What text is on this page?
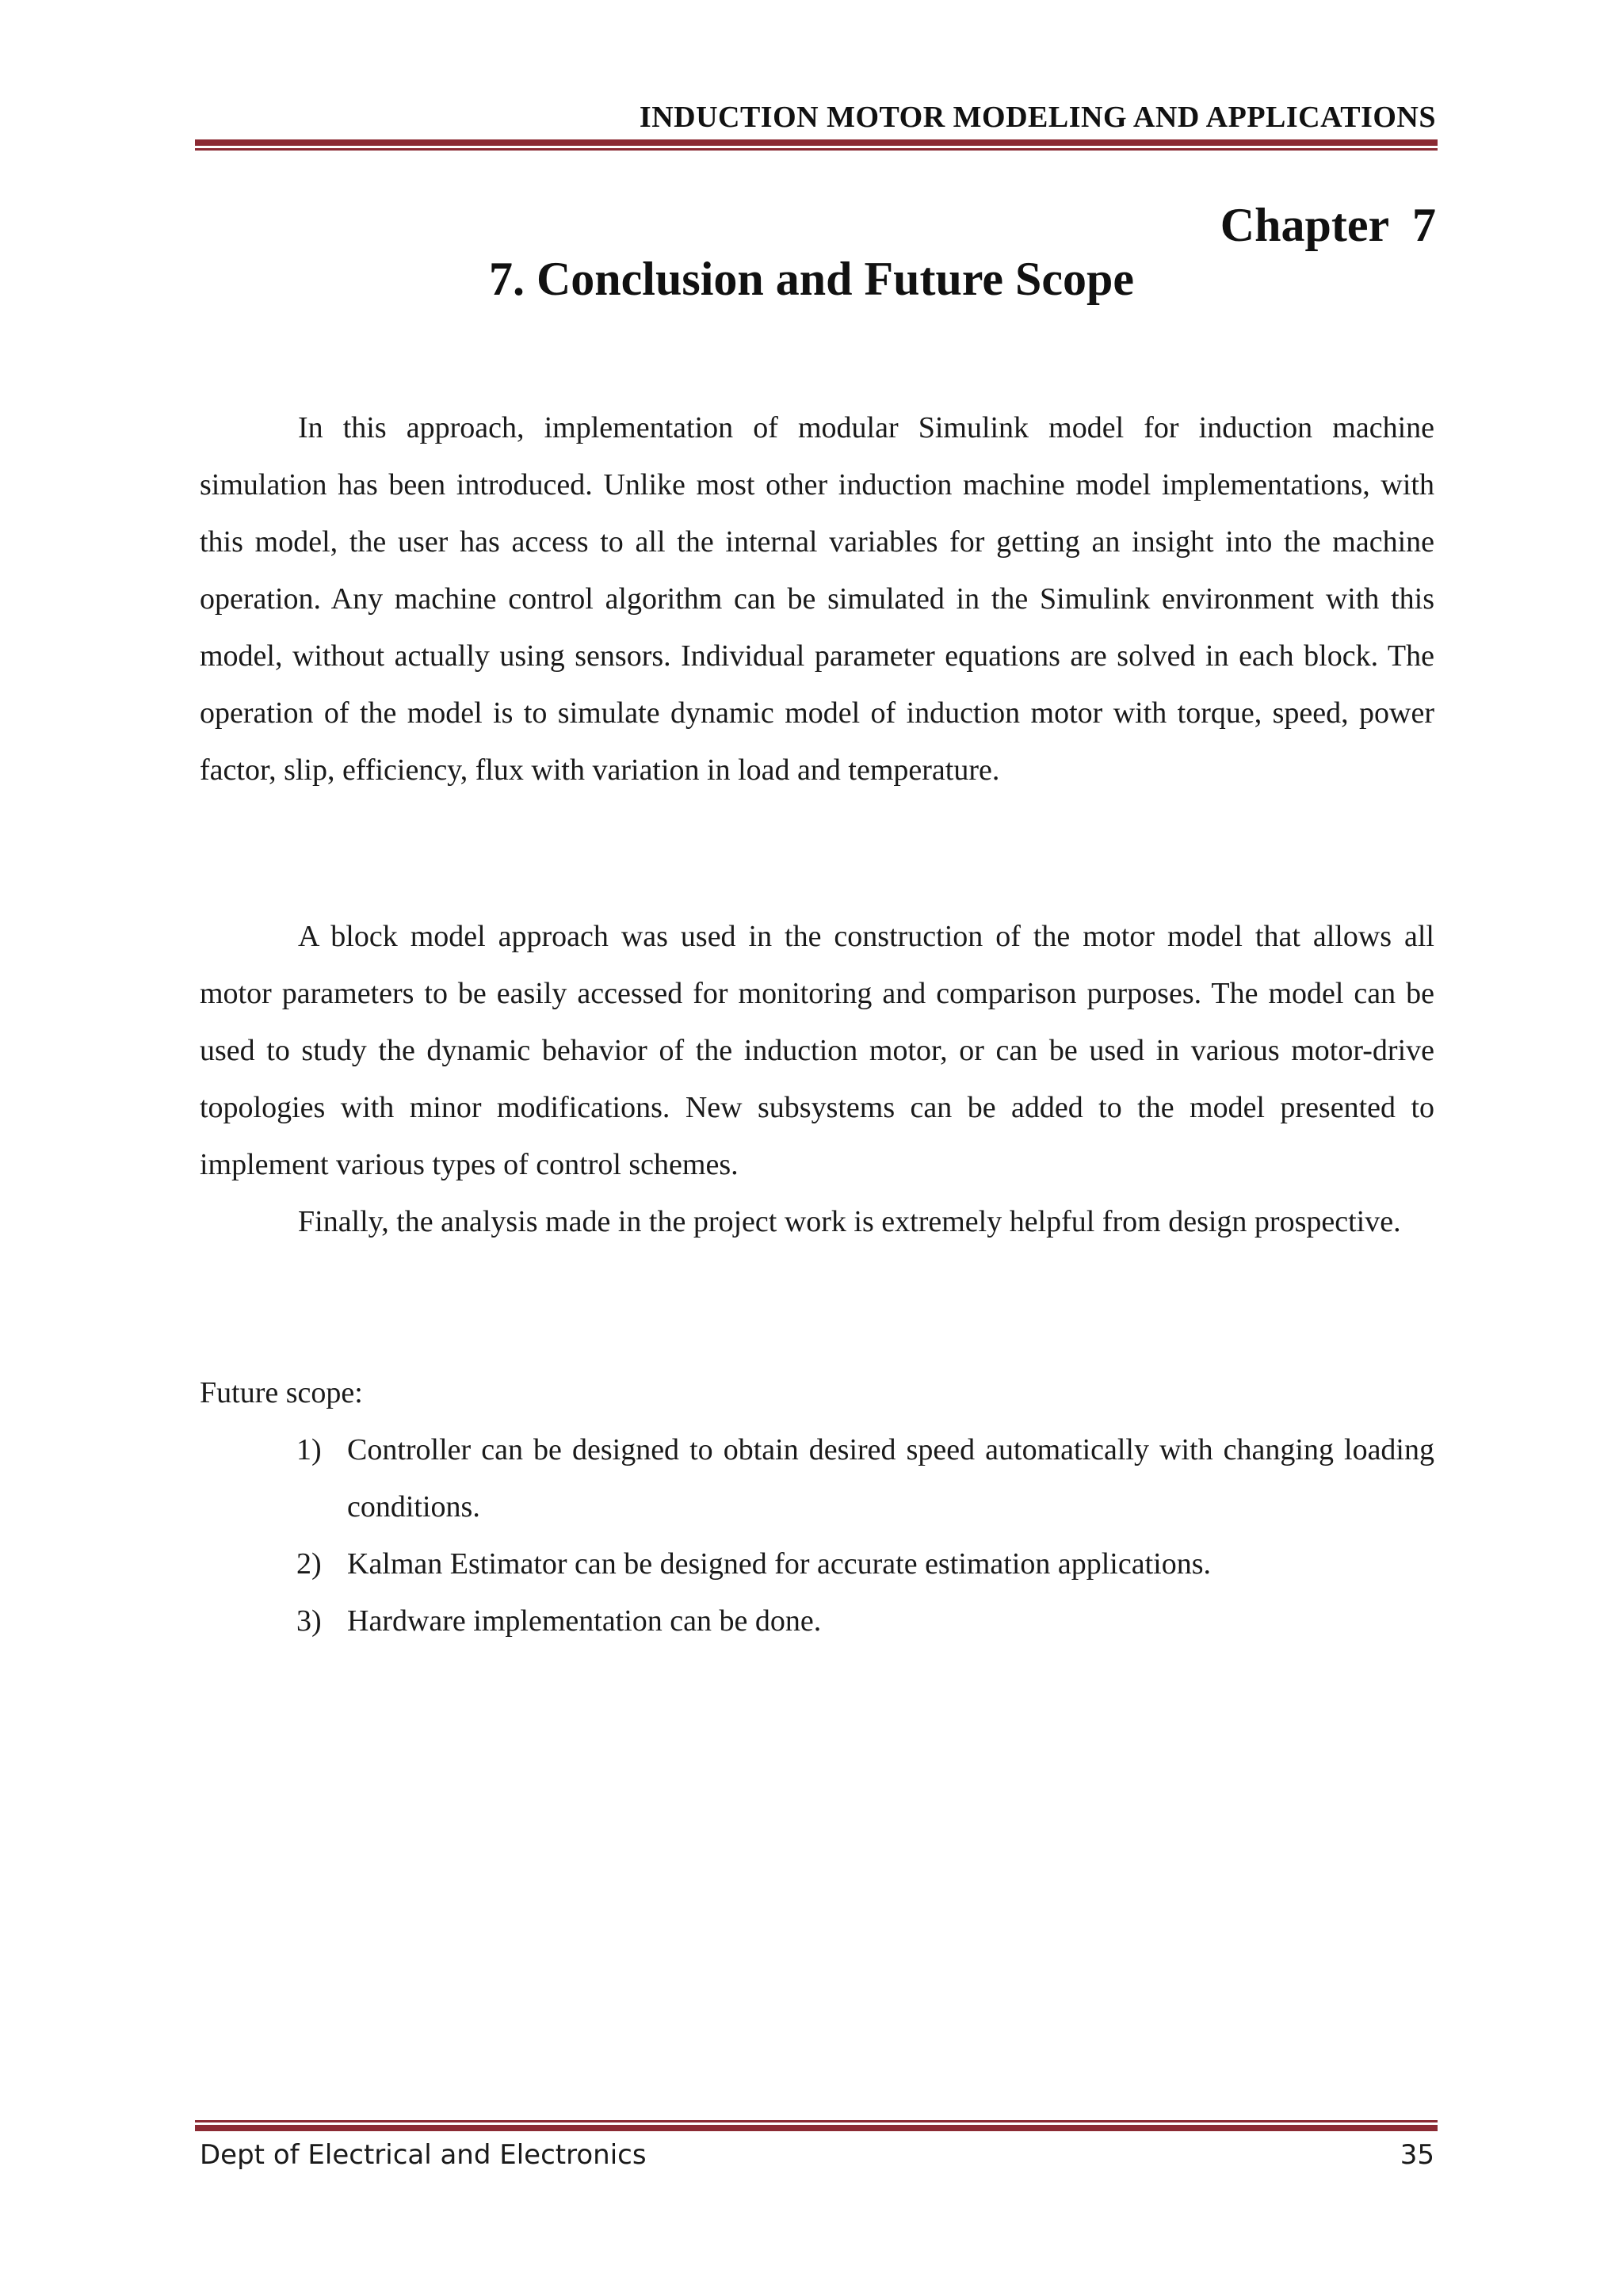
INDUCTION MOTOR MODELING AND APPLICATIONS
Chapter  7
7. Conclusion and Future Scope

In this approach, implementation of modular Simulink model for induction machine simulation has been introduced. Unlike most other induction machine model implementations, with this model, the user has access to all the internal variables for getting an insight into the machine operation. Any machine control algorithm can be simulated in the Simulink environment with this model, without actually using sensors. Individual parameter equations are solved in each block. The operation of the model is to simulate dynamic model of induction motor with torque, speed, power factor, slip, efficiency, flux with variation in load and temperature.

A block model approach was used in the construction of the motor model that allows all motor parameters to be easily accessed for monitoring and comparison purposes. The model can be used to study the dynamic behavior of the induction motor, or can be used in various motor-drive topologies with minor modifications. New subsystems can be added to the model presented to implement various types of control schemes.

Finally, the analysis made in the project work is extremely helpful from design prospective.

Future scope:
1) Controller can be designed to obtain desired speed automatically with changing loading conditions.
2) Kalman Estimator can be designed for accurate estimation applications.
3) Hardware implementation can be done.
Dept of Electrical and Electronics	35
